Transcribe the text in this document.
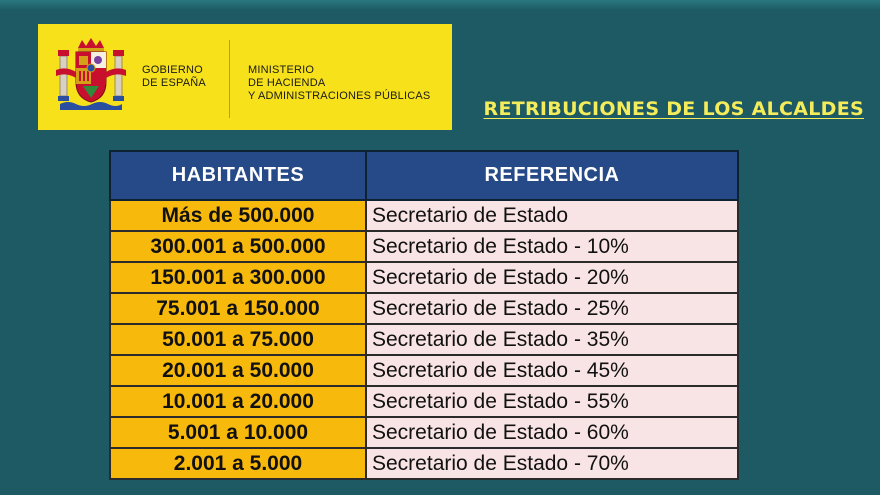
GOBIERNO
DE ESPAÑA
MINISTERIO
DE HACIENDA
Y ADMINISTRACIONES PÚBLICAS
RETRIBUCIONES DE LOS ALCALDES
HABITANTES	REFERENCIA
Más de 500.000	Secretario de Estado
300.001 a 500.000	Secretario de Estado - 10%
150.001 a 300.000	Secretario de Estado - 20%
75.001 a 150.000	Secretario de Estado - 25%
50.001 a 75.000	Secretario de Estado - 35%
20.001 a 50.000	Secretario de Estado - 45%
10.001 a 20.000	Secretario de Estado - 55%
5.001 a 10.000	Secretario de Estado - 60%
2.001 a 5.000	Secretario de Estado - 70%
